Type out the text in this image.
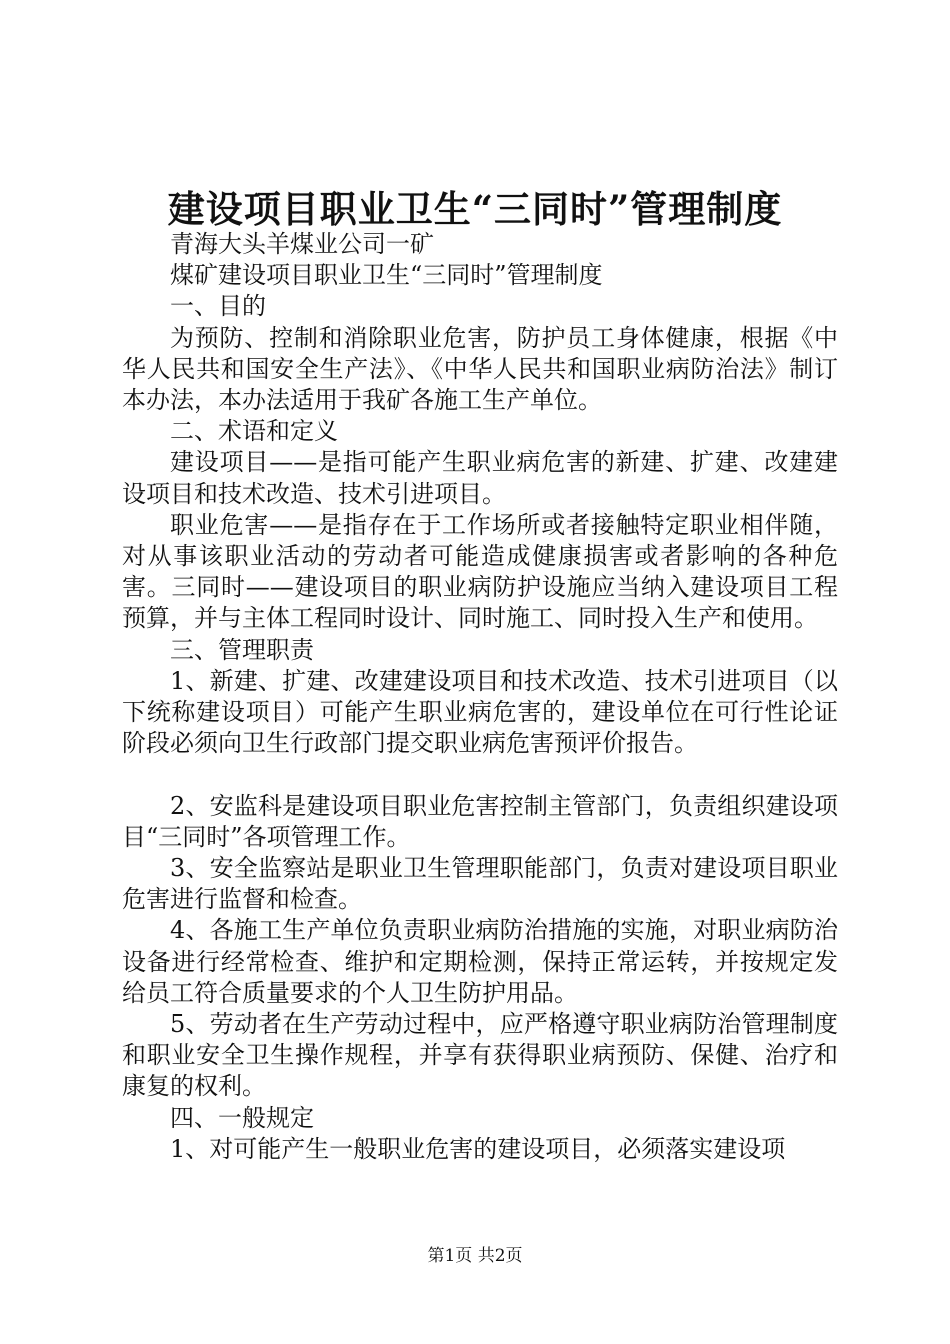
建设项目职业卫生“三同时”管理制度

青海大头羊煤业公司一矿

煤矿建设项目职业卫生“三同时”管理制度

一、目的

为预防、控制和消除职业危害，防护员工身体健康，根据《中华人民共和国安全生产法》、《中华人民共和国职业病防治法》制订本办法，本办法适用于我矿各施工生产单位。

二、术语和定义

建设项目——是指可能产生职业病危害的新建、扩建、改建建设项目和技术改造、技术引进项目。

职业危害——是指存在于工作场所或者接触特定职业相伴随，对从事该职业活动的劳动者可能造成健康损害或者影响的各种危害。三同时——建设项目的职业病防护设施应当纳入建设项目工程预算，并与主体工程同时设计、同时施工、同时投入生产和使用。

三、管理职责

1、新建、扩建、改建建设项目和技术改造、技术引进项目（以下统称建设项目）可能产生职业病危害的，建设单位在可行性论证阶段必须向卫生行政部门提交职业病危害预评价报告。

2、安监科是建设项目职业危害控制主管部门，负责组织建设项目“三同时”各项管理工作。

3、安全监察站是职业卫生管理职能部门，负责对建设项目职业危害进行监督和检查。

4、各施工生产单位负责职业病防治措施的实施，对职业病防治设备进行经常检查、维护和定期检测，保持正常运转，并按规定发给员工符合质量要求的个人卫生防护用品。

5、劳动者在生产劳动过程中，应严格遵守职业病防治管理制度和职业安全卫生操作规程，并享有获得职业病预防、保健、治疗和康复的权利。

四、一般规定

1、对可能产生一般职业危害的建设项目，必须落实建设项

第1页 共2页
